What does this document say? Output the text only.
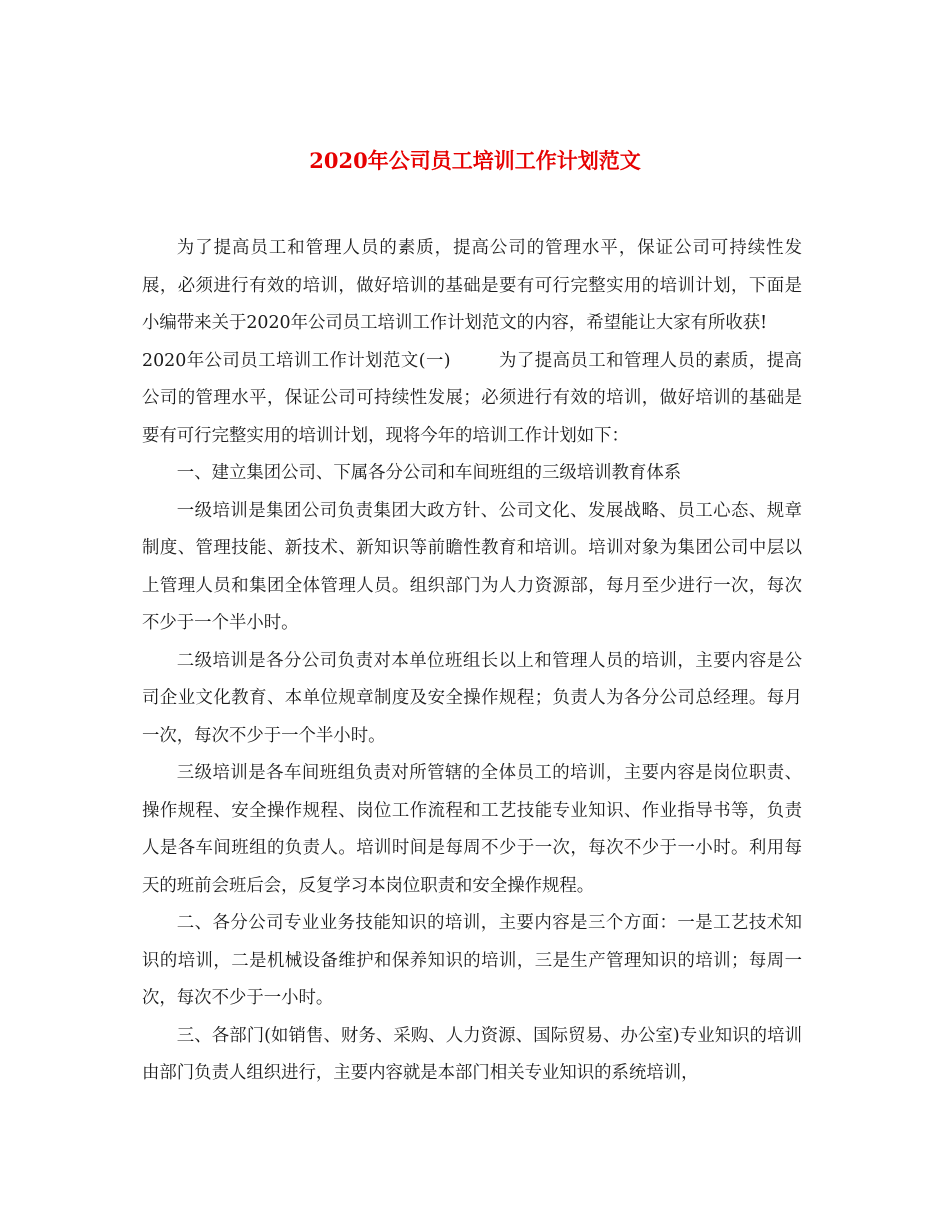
2020年公司员工培训工作计划范文

为了提高员工和管理人员的素质，提高公司的管理水平，保证公司可持续性发展，必须进行有效的培训，做好培训的基础是要有可行完整实用的培训计划，下面是小编带来关于2020年公司员工培训工作计划范文的内容，希望能让大家有所收获!

2020年公司员工培训工作计划范文(一)	为了提高员工和管理人员的素质，提高公司的管理水平，保证公司可持续性发展；必须进行有效的培训，做好培训的基础是要有可行完整实用的培训计划，现将今年的培训工作计划如下：

一、建立集团公司、下属各分公司和车间班组的三级培训教育体系

一级培训是集团公司负责集团大政方针、公司文化、发展战略、员工心态、规章制度、管理技能、新技术、新知识等前瞻性教育和培训。培训对象为集团公司中层以上管理人员和集团全体管理人员。组织部门为人力资源部，每月至少进行一次，每次不少于一个半小时。

二级培训是各分公司负责对本单位班组长以上和管理人员的培训，主要内容是公司企业文化教育、本单位规章制度及安全操作规程；负责人为各分公司总经理。每月一次，每次不少于一个半小时。

三级培训是各车间班组负责对所管辖的全体员工的培训，主要内容是岗位职责、操作规程、安全操作规程、岗位工作流程和工艺技能专业知识、作业指导书等，负责人是各车间班组的负责人。培训时间是每周不少于一次，每次不少于一小时。利用每天的班前会班后会，反复学习本岗位职责和安全操作规程。

二、各分公司专业业务技能知识的培训，主要内容是三个方面：一是工艺技术知识的培训，二是机械设备维护和保养知识的培训，三是生产管理知识的培训；每周一次，每次不少于一小时。

三、各部门(如销售、财务、采购、人力资源、国际贸易、办公室)专业知识的培训由部门负责人组织进行，主要内容就是本部门相关专业知识的系统培训，
